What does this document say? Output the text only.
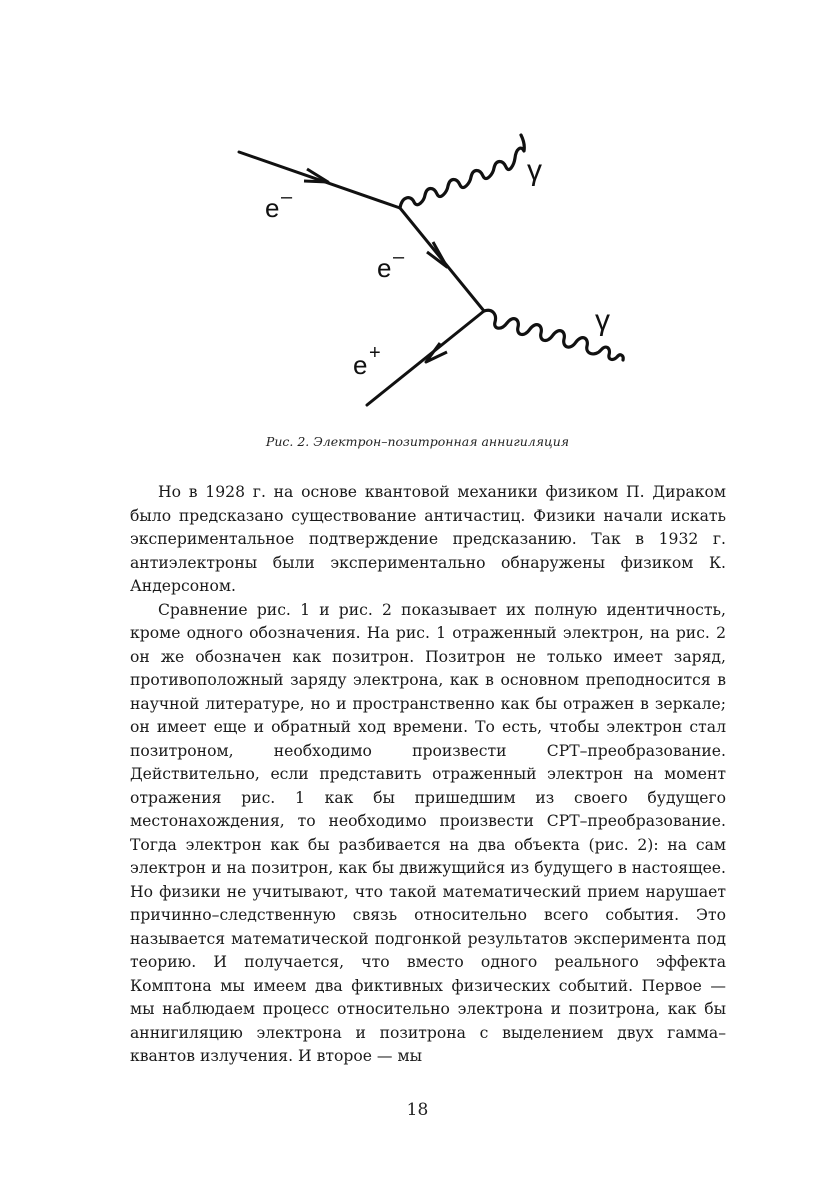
e –
e –
e +
γ
γ
Рис. 2. Электрон–позитронная аннигиляция

Но в 1928 г. на основе квантовой механики физиком П. Дираком было предсказано существование античастиц. Физики начали искать экспериментальное подтверждение предсказанию. Так в 1932 г. антиэлектроны были экспериментально обнаружены физиком К. Андерсоном.

Сравнение рис. 1 и рис. 2 показывает их полную идентичность, кроме одного обозначения. На рис. 1 отраженный электрон, на рис. 2 он же обозначен как позитрон. Позитрон не только имеет заряд, противоположный заряду электрона, как в основном преподносится в научной литературе, но и пространственно как бы отражен в зеркале; он имеет еще и обратный ход времени. То есть, чтобы электрон стал позитроном, необходимо произвести CPT–преобразование. Действительно, если представить отраженный электрон на момент отражения рис. 1 как бы пришедшим из своего будущего местонахождения, то необходимо произвести CPT–преобразование. Тогда электрон как бы разбивается на два объекта (рис. 2): на сам электрон и на позитрон, как бы движущийся из будущего в настоящее. Но физики не учитывают, что такой математический прием нарушает причинно–следственную связь относительно всего события. Это называется математической подгонкой результатов эксперимента под теорию. И получается, что вместо одного реального эффекта Комптона мы имеем два фиктивных физических событий. Первое — мы наблюдаем процесс относительно электрона и позитрона, как бы аннигиляцию электрона и позитрона с выделением двух гамма–квантов излучения. И второе — мы

18
